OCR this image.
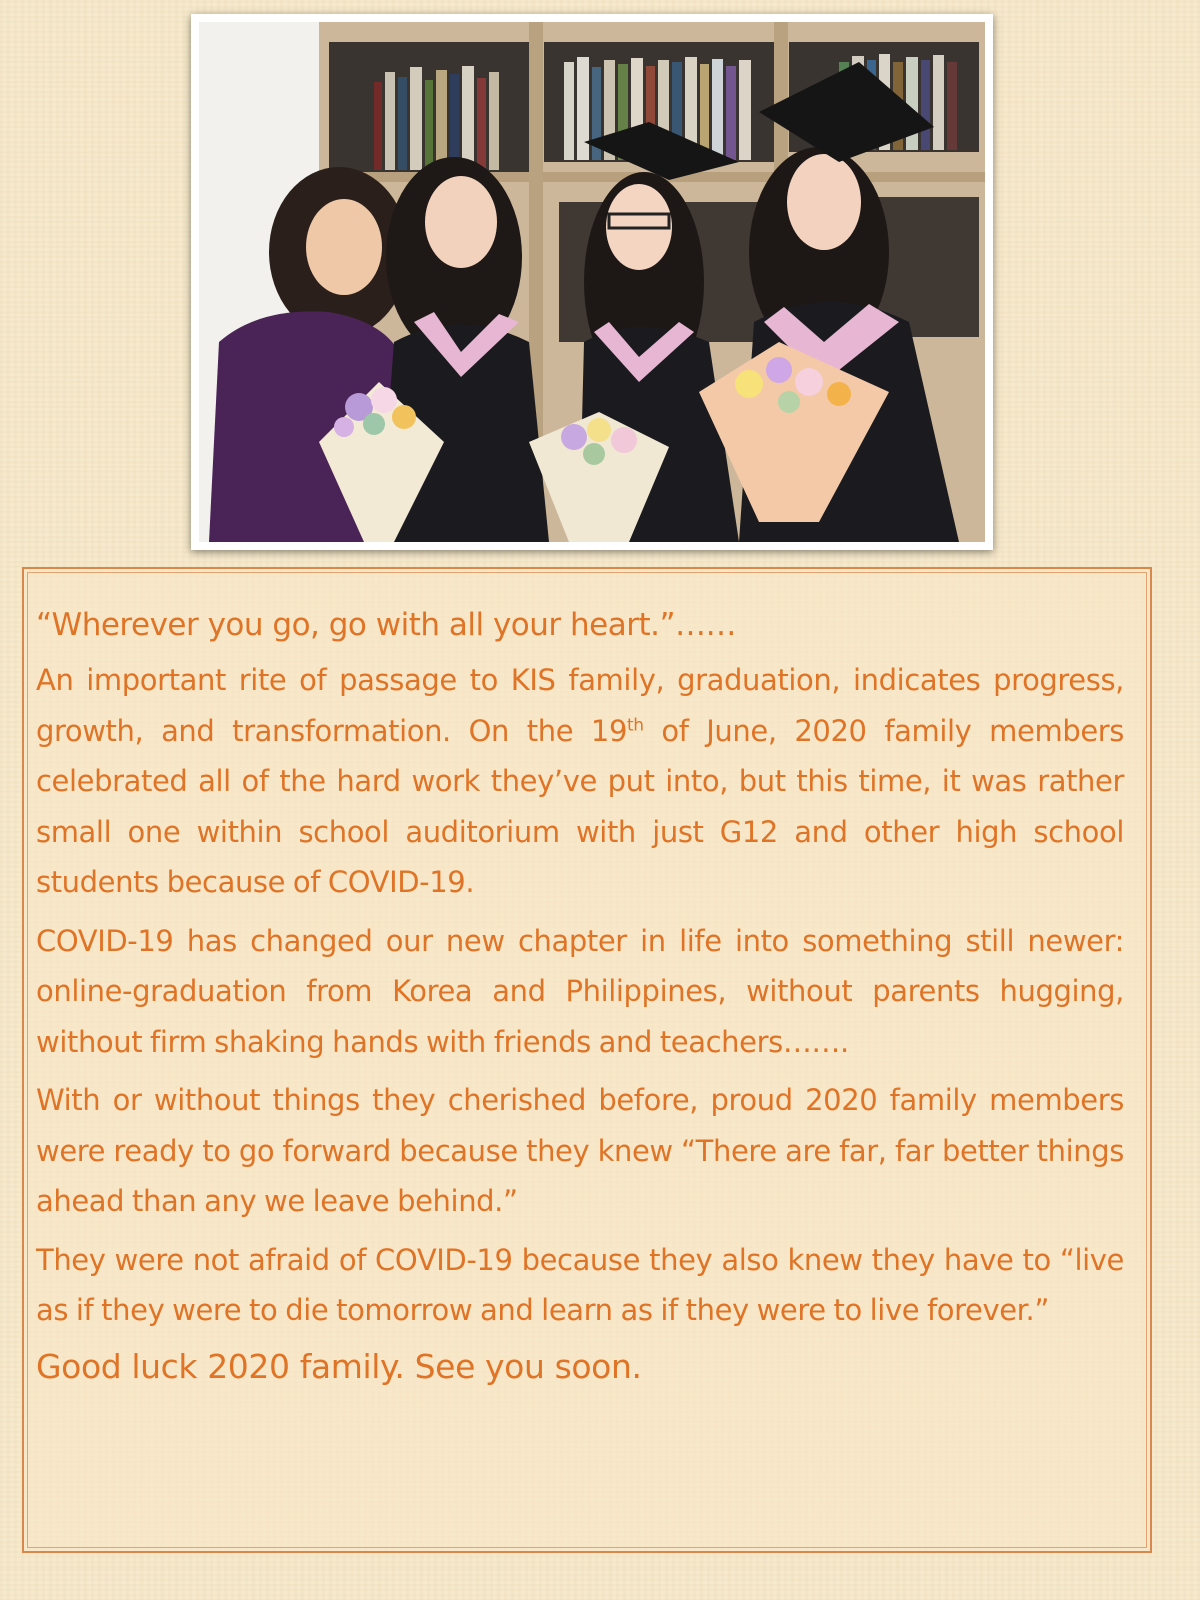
“Wherever you go, go with all your heart.”……

An important rite of passage to KIS family, graduation, indicates progress, growth, and transformation. On the 19th of June, 2020 family members celebrated all of the hard work they’ve put into, but this time, it was rather small one within school auditorium with just G12 and other high school students because of COVID-19.

COVID-19 has changed our new chapter in life into something still newer: online-graduation from Korea and Philippines, without parents hugging, without firm shaking hands with friends and teachers…….

With or without things they cherished before, proud 2020 family members were ready to go forward because they knew “There are far, far better things ahead than any we leave behind.”

They were not afraid of COVID-19 because they also knew they have to “live as if they were to die tomorrow and learn as if they were to live forever.”

Good luck 2020 family. See you soon.
